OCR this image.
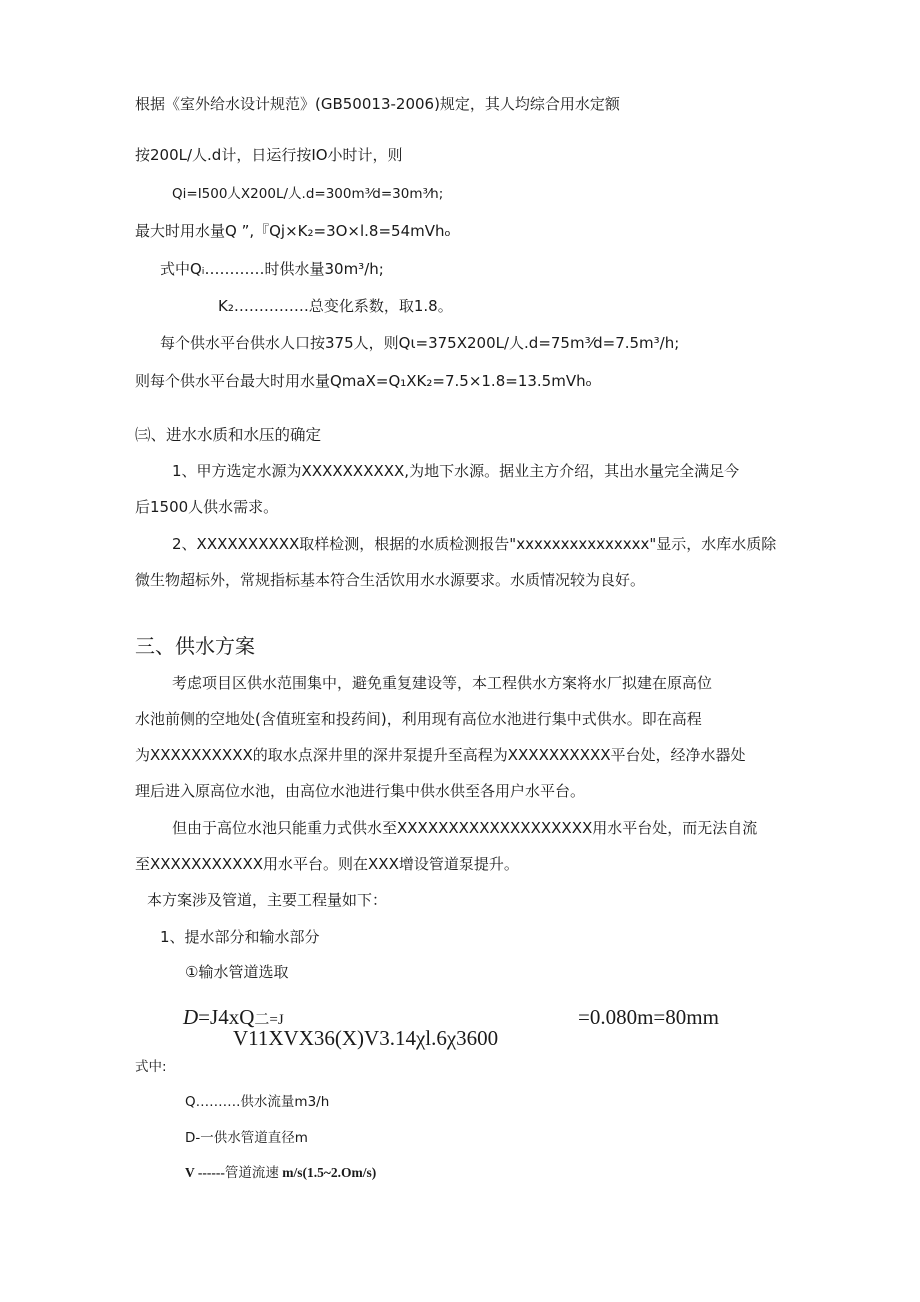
根据《室外给水设计规范》(GB50013-2006)规定，其人均综合用水定额
按200L/人.d计，日运行按IO小时计，则
Qi=I500人X200L/人.d=300m³⁄d=30m³⁄h;
最大时用水量Q ”,『Qj×K₂=3O×l.8=54mVhₒ
式中Qᵢ…………时供水量30m³/h;
K₂……………总变化系数，取1.8。
每个供水平台供水人口按375人，则Qι=375X200L/人.d=75m³⁄d=7.5m³/h;
则每个供水平台最大时用水量QmaX=Q₁XK₂=7.5×1.8=13.5mVhₒ
㈢、进水水质和水压的确定
1、甲方选定水源为XXXXXXXXXX,为地下水源。据业主方介绍，其出水量完全满足今
后1500人供水需求。
2、XXXXXXXXXX取样检测，根据的水质检测报告"xxxxxxxxxxxxxxx"显示，水库水质除
微生物超标外，常规指标基本符合生活饮用水水源要求。水质情况较为良好。
三、供水方案
考虑项目区供水范围集中，避免重复建设等，本工程供水方案将水厂拟建在原高位
水池前侧的空地处(含值班室和投药间)，利用现有高位水池进行集中式供水。即在高程
为XXXXXXXXXX的取水点深井里的深井泵提升至高程为XXXXXXXXXX平台处，经净水器处
理后进入原高位水池，由高位水池进行集中供水供至各用户水平台。
但由于高位水池只能重力式供水至XXXXXXXXXXXXXXXXXXX用水平台处，而无法自流
至XXXXXXXXXXX用水平台。则在XXX增设管道泵提升。
本方案涉及管道，主要工程量如下：
1、提水部分和输水部分
①输水管道选取
D=J4xQ二=J	=0.080m=80mm
V11XVX36(X)V3.14χl.6χ3600
式中:
Q……….供水流量m3/h
D-一供水管道直径m
V ------管道流速 m/s(1.5~2.Om/s)
